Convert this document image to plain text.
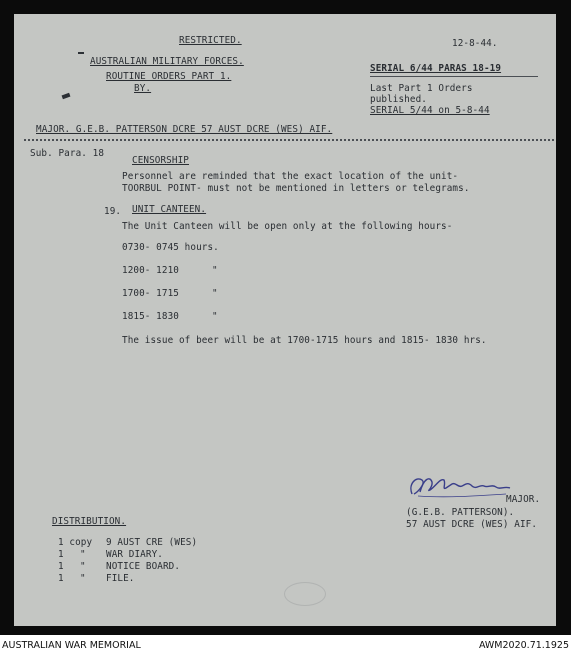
RESTRICTED.	12-8-44.
AUSTRALIAN MILITARY FORCES.
ROUTINE ORDERS PART 1.
BY.
SERIAL 6/44 PARAS 18-19
Last Part 1 Orders
published.
SERIAL 5/44 on 5-8-44
MAJOR. G.E.B. PATTERSON DCRE 57 AUST DCRE (WES) AIF.
Sub. Para. 18
CENSORSHIP
Personnel are reminded that the exact location of the unit-
TOORBUL POINT- must not be mentioned in letters or telegrams.
19. UNIT CANTEEN.
The Unit Canteen will be open only at the following hours-
0730- 0745 hours.
1200- 1210	"
1700- 1715	"
1815- 1830	"
The issue of beer will be at 1700-1715 hours and 1815- 1830 hrs.
MAJOR.
(G.E.B. PATTERSON).
57 AUST DCRE (WES) AIF.
DISTRIBUTION.
1 copy 9 AUST CRE (WES)
1 " WAR DIARY.
1 " NOTICE BOARD.
1 " FILE.
AUSTRALIAN WAR MEMORIAL	AWM2020.71.1925
